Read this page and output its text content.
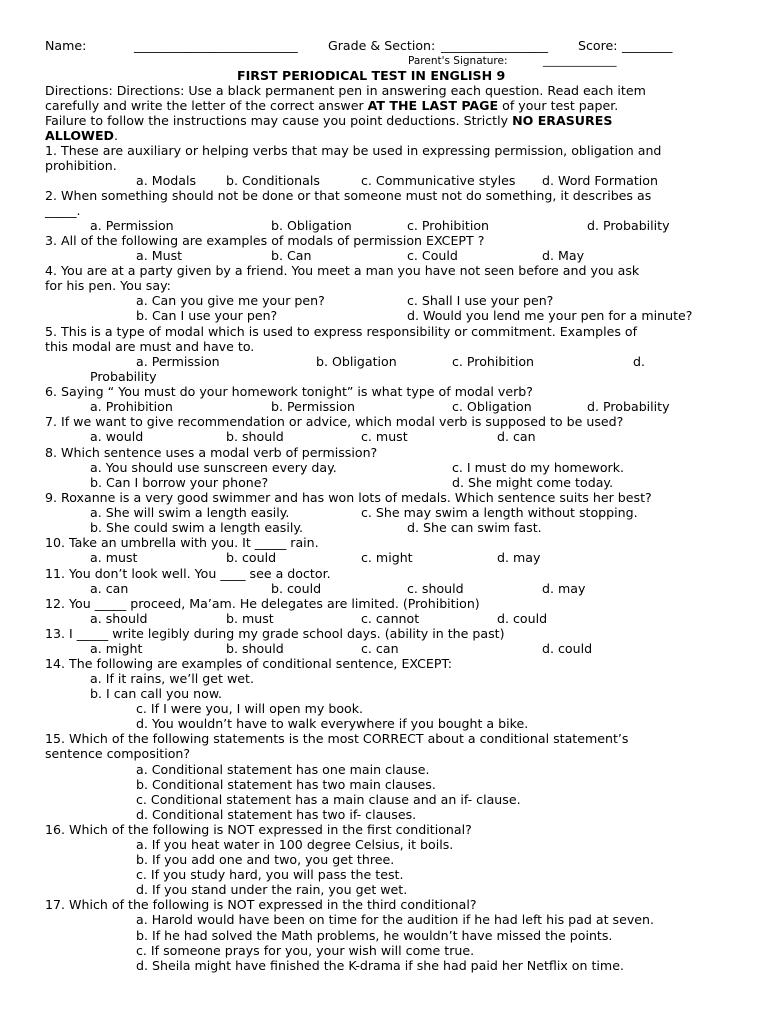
Name:	__________________________ Grade & Section: _________________ Score: ________
Parent's Signature:	______________
FIRST PERIODICAL TEST IN ENGLISH 9
Directions: Directions: Use a black permanent pen in answering each question. Read each item
carefully and write the letter of the correct answer AT THE LAST PAGE of your test paper.
Failure to follow the instructions may cause you point deductions. Strictly NO ERASURES
ALLOWED.
1. These are auxiliary or helping verbs that may be used in expressing permission, obligation and
prohibition.
a. Modals b. Conditionals	c. Communicative styles d. Word Formation
2. When something should not be done or that someone must not do something, it describes as
_____.
a. Permission	b. Obligation	c. Prohibition	d. Probability
3. All of the following are examples of modals of permission EXCEPT ?
a. Must	b. Can	c. Could	d. May
4. You are at a party given by a friend. You meet a man you have not seen before and you ask
for his pen. You say:
a. Can you give me your pen?	c. Shall I use your pen?
b. Can I use your pen?	d. Would you lend me your pen for a minute?
5. This is a type of modal which is used to express responsibility or commitment. Examples of
this modal are must and have to.
a. Permission	b. Obligation	c. Prohibition	d.
Probability
6. Saying “ You must do your homework tonight” is what type of modal verb?
a. Prohibition	b. Permission	c. Obligation	d. Probability
7. If we want to give recommendation or advice, which modal verb is supposed to be used?
a. would	b. should	c. must	d. can
8. Which sentence uses a modal verb of permission?
a. You should use sunscreen every day.	c. I must do my homework.
b. Can I borrow your phone?	d. She might come today.
9. Roxanne is a very good swimmer and has won lots of medals. Which sentence suits her best?
a. She will swim a length easily.	c. She may swim a length without stopping.
b. She could swim a length easily.	d. She can swim fast.
10. Take an umbrella with you. It _____ rain.
a. must	b. could	c. might	d. may
11. You don’t look well. You ____ see a doctor.
a. can	b. could	c. should	d. may
12. You _____ proceed, Ma’am. He delegates are limited. (Prohibition)
a. should	b. must	c. cannot	d. could
13. I _____ write legibly during my grade school days. (ability in the past)
a. might	b. should	c. can	d. could
14. The following are examples of conditional sentence, EXCEPT:
a. If it rains, we’ll get wet.
b. I can call you now.
c. If I were you, I will open my book.
d. You wouldn’t have to walk everywhere if you bought a bike.
15. Which of the following statements is the most CORRECT about a conditional statement’s
sentence composition?
a. Conditional statement has one main clause.
b. Conditional statement has two main clauses.
c. Conditional statement has a main clause and an if- clause.
d. Conditional statement has two if- clauses.
16. Which of the following is NOT expressed in the first conditional?
a. If you heat water in 100 degree Celsius, it boils.
b. If you add one and two, you get three.
c. If you study hard, you will pass the test.
d. If you stand under the rain, you get wet.
17. Which of the following is NOT expressed in the third conditional?
a. Harold would have been on time for the audition if he had left his pad at seven.
b. If he had solved the Math problems, he wouldn’t have missed the points.
c. If someone prays for you, your wish will come true.
d. Sheila might have finished the K-drama if she had paid her Netflix on time.
